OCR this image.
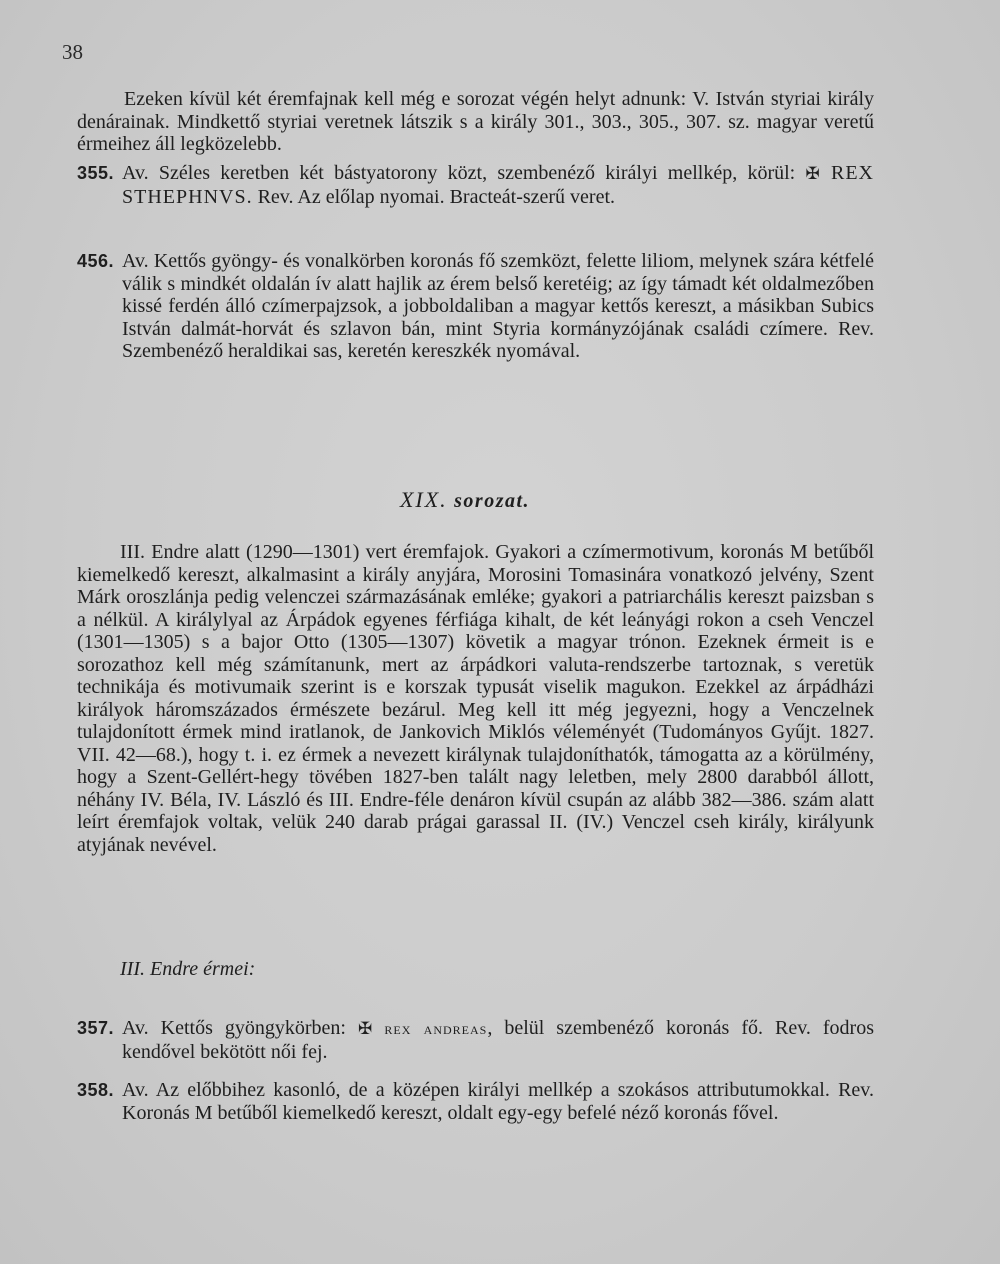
38

Ezeken kívül két éremfajnak kell még e sorozat végén helyt adnunk: V. István styriai király denárainak. Mindkettő styriai veretnek látszik s a király 301., 303., 305., 307. sz. magyar veretű érmeihez áll legközelebb.

355. Av. Széles keretben két bástyatorony közt, szembenéző királyi mellkép, körül: ✠ REX STHEPHNVS. Rev. Az előlap nyomai. Bracteát-szerű veret.
456. Av. Kettős gyöngy- és vonalkörben koronás fő szemközt, felette liliom, melynek szára kétfelé válik s mindkét oldalán ív alatt hajlik az érem belső keretéig; az így támadt két oldalmezőben kissé ferdén álló czímerpajzsok, a jobboldaliban a magyar kettős kereszt, a másikban Subics István dalmát-horvát és szlavon bán, mint Styria kormányzójának családi czímere. Rev. Szembenéző heraldikai sas, keretén kereszkék nyomával.
XIX. sorozat.

III. Endre alatt (1290—1301) vert éremfajok. Gyakori a czímermotivum, koronás M betűből kiemelkedő kereszt, alkalmasint a király anyjára, Morosini Tomasinára vonatkozó jelvény, Szent Márk oroszlánja pedig velenczei származásának emléke; gyakori a patriarchális kereszt paizsban s a nélkül. A királylyal az Árpádok egyenes férfiága kihalt, de két leányági rokon a cseh Venczel (1301—1305) s a bajor Otto (1305—1307) követik a magyar trónon. Ezeknek érmeit is e sorozathoz kell még számítanunk, mert az árpádkori valuta-rendszerbe tartoznak, s veretük technikája és motivumaik szerint is e korszak typusát viselik magukon. Ezekkel az árpádházi királyok háromszázados érmészete bezárul. Meg kell itt még jegyezni, hogy a Venczelnek tulajdonított érmek mind iratlanok, de Jankovich Miklós véleményét (Tudományos Gyűjt. 1827. VII. 42—68.), hogy t. i. ez érmek a nevezett királynak tulajdoníthatók, támogatta az a körülmény, hogy a Szent-Gellért-hegy tövében 1827-ben talált nagy leletben, mely 2800 darabból állott, néhány IV. Béla, IV. László és III. Endre-féle denáron kívül csupán az alább 382—386. szám alatt leírt éremfajok voltak, velük 240 darab prágai garassal II. (IV.) Venczel cseh király, királyunk atyjának nevével.

III. Endre érmei:
357. Av. Kettős gyöngykörben: ✠ rex andreas, belül szembenéző koronás fő. Rev. fodros kendővel bekötött női fej.
358. Av. Az előbbihez kasonló, de a középen királyi mellkép a szokásos attributumokkal. Rev. Koronás M betűből kiemelkedő kereszt, oldalt egy-egy befelé néző koronás fővel.
